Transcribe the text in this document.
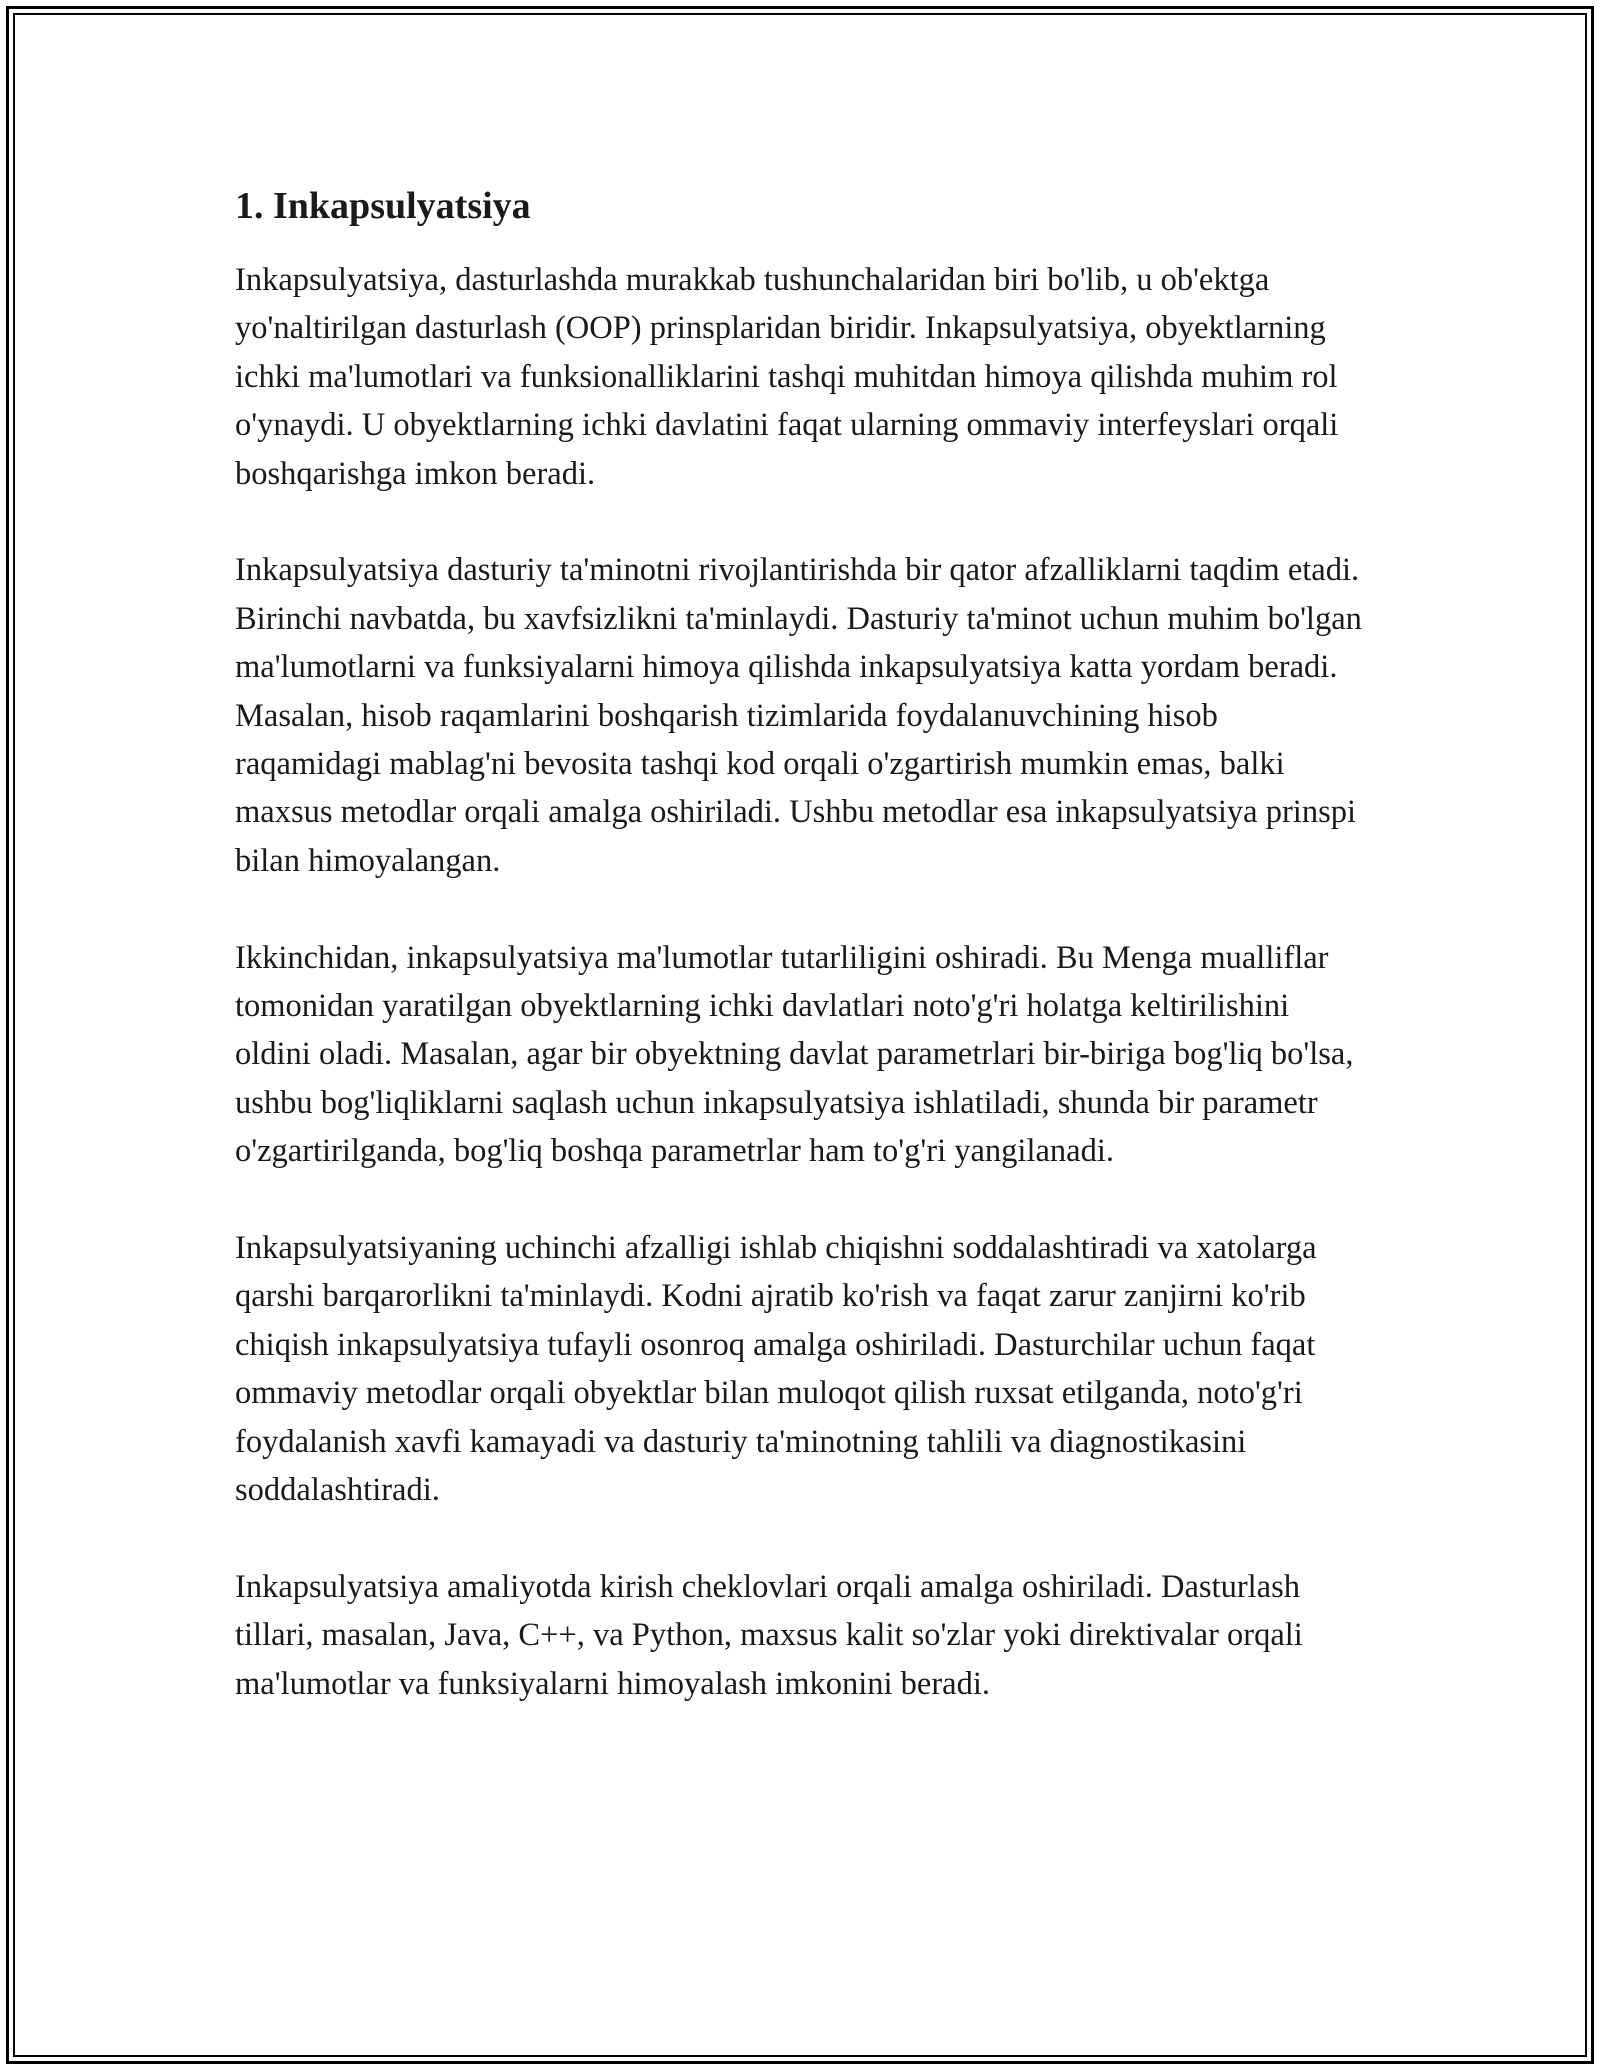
1. Inkapsulyatsiya

Inkapsulyatsiya, dasturlashda murakkab tushunchalaridan biri bo'lib, u ob'ektga yo'naltirilgan dasturlash (OOP) prinsplaridan biridir. Inkapsulyatsiya, obyektlarning ichki ma'lumotlari va funksionalliklarini tashqi muhitdan himoya qilishda muhim rol o'ynaydi. U obyektlarning ichki davlatini faqat ularning ommaviy interfeyslari orqali boshqarishga imkon beradi.

Inkapsulyatsiya dasturiy ta'minotni rivojlantirishda bir qator afzalliklarni taqdim etadi. Birinchi navbatda, bu xavfsizlikni ta'minlaydi. Dasturiy ta'minot uchun muhim bo'lgan ma'lumotlarni va funksiyalarni himoya qilishda inkapsulyatsiya katta yordam beradi. Masalan, hisob raqamlarini boshqarish tizimlarida foydalanuvchining hisob raqamidagi mablag'ni bevosita tashqi kod orqali o'zgartirish mumkin emas, balki maxsus metodlar orqali amalga oshiriladi. Ushbu metodlar esa inkapsulyatsiya prinspi bilan himoyalangan.

Ikkinchidan, inkapsulyatsiya ma'lumotlar tutarliligini oshiradi. Bu Menga mualliflar tomonidan yaratilgan obyektlarning ichki davlatlari noto'g'ri holatga keltirilishini oldini oladi. Masalan, agar bir obyektning davlat parametrlari bir-biriga bog'liq bo'lsa, ushbu bog'liqliklarni saqlash uchun inkapsulyatsiya ishlatiladi, shunda bir parametr o'zgartirilganda, bog'liq boshqa parametrlar ham to'g'ri yangilanadi.

Inkapsulyatsiyaning uchinchi afzalligi ishlab chiqishni soddalashtiradi va xatolarga qarshi barqarorlikni ta'minlaydi. Kodni ajratib ko'rish va faqat zarur zanjirni ko'rib chiqish inkapsulyatsiya tufayli osonroq amalga oshiriladi. Dasturchilar uchun faqat ommaviy metodlar orqali obyektlar bilan muloqot qilish ruxsat etilganda, noto'g'ri foydalanish xavfi kamayadi va dasturiy ta'minotning tahlili va diagnostikasini soddalashtiradi.

Inkapsulyatsiya amaliyotda kirish cheklovlari orqali amalga oshiriladi. Dasturlash tillari, masalan, Java, C++, va Python, maxsus kalit so'zlar yoki direktivalar orqali ma'lumotlar va funksiyalarni himoyalash imkonini beradi.
